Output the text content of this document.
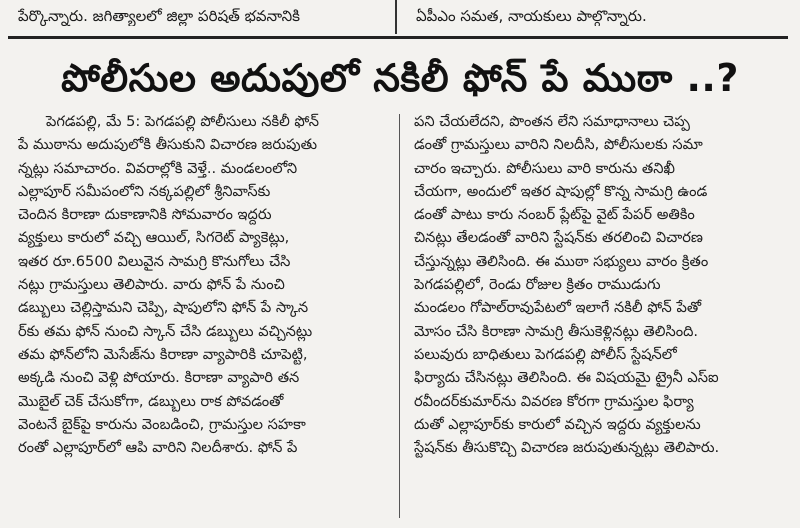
పేర్కొన్నారు. జగిత్యాలలో జిల్లా పరిషత్ భవనానికి	ఏపీఎం సమత, నాయకులు పాల్గొన్నారు.
పోలీసుల అదుపులో నకిలీ ఫోన్ పే ముఠా ..?
పెగడపల్లి, మే 5: పెగడపల్లి పోలీసులు నకిలీ ఫోన్
పే ముఠాను అదుపులోకి తీసుకుని విచారణ జరుపుతు
న్నట్లు సమాచారం. వివరాల్లోకి వెళ్తే.. మండలంలోని
ఎల్లాపూర్ సమీపంలోని నక్కపల్లిలో శ్రీనివాస్‌కు
చెందిన కిరాణా దుకాణానికి సోమవారం ఇద్దరు
వ్యక్తులు కారులో వచ్చి ఆయిల్, సిగరెట్ ప్యాకెట్లు,
ఇతర రూ.6500 విలువైన సామగ్రి కొనుగోలు చేసి
నట్లు గ్రామస్తులు తెలిపారు. వారు ఫోన్ పే నుంచి
డబ్బులు చెల్లిస్తామని చెప్పి, షాపులోని ఫోన్ పే స్కాన
ర్‌కు తమ ఫోన్ నుంచి స్కాన్ చేసి డబ్బులు వచ్చినట్లు
తమ ఫోన్‌లోని మెసేజ్‌ను కిరాణా వ్యాపారికి చూపెట్టి,
అక్కడి నుంచి వెళ్లి పోయారు. కిరాణా వ్యాపారి తన
మొబైల్ చెక్ చేసుకోగా, డబ్బులు రాక పోవడంతో
వెంటనే బైక్‌పై కారును వెంబడించి, గ్రామస్తుల సహకా
రంతో ఎల్లాపూర్‌లో ఆపి వారిని నిలదీశారు. ఫోన్ పే
పని చేయలేదని, పొంతన లేని సమాధానాలు చెప్ప
డంతో గ్రామస్తులు వారిని నిలదీసి, పోలీసులకు సమా
చారం ఇచ్చారు. పోలీసులు వారి కారును తనిఖీ
చేయగా, అందులో ఇతర షాపుల్లో కొన్న సామగ్రి ఉండ
డంతో పాటు కారు నంబర్ ప్లేట్‌పై వైట్ పేపర్ అతికిం
చినట్లు తేలడంతో వారిని స్టేషన్‌కు తరలించి విచారణ
చేస్తున్నట్లు తెలిసింది. ఈ ముఠా సభ్యులు వారం క్రితం
పెగడపల్లిలో, రెండు రోజుల క్రితం రాముడుగు
మండలం గోపాల్‌రావుపేటలో ఇలాగే నకిలీ ఫోన్ పేతో
మోసం చేసి కిరాణా సామగ్రి తీసుకెళ్లినట్లు తెలిసింది.
పలువురు బాధితులు పెగడపల్లి పోలీస్ స్టేషన్‌లో
ఫిర్యాదు చేసినట్లు తెలిసింది. ఈ విషయమై ట్రైనీ ఎస్ఐ
రవీందర్‌కుమార్‌ను వివరణ కోరగా గ్రామస్తుల ఫిర్యా
దుతో ఎల్లాపూర్‌కు కారులో వచ్చిన ఇద్దరు వ్యక్తులను
స్టేషన్‌కు తీసుకొచ్చి విచారణ జరుపుతున్నట్లు తెలిపారు.
